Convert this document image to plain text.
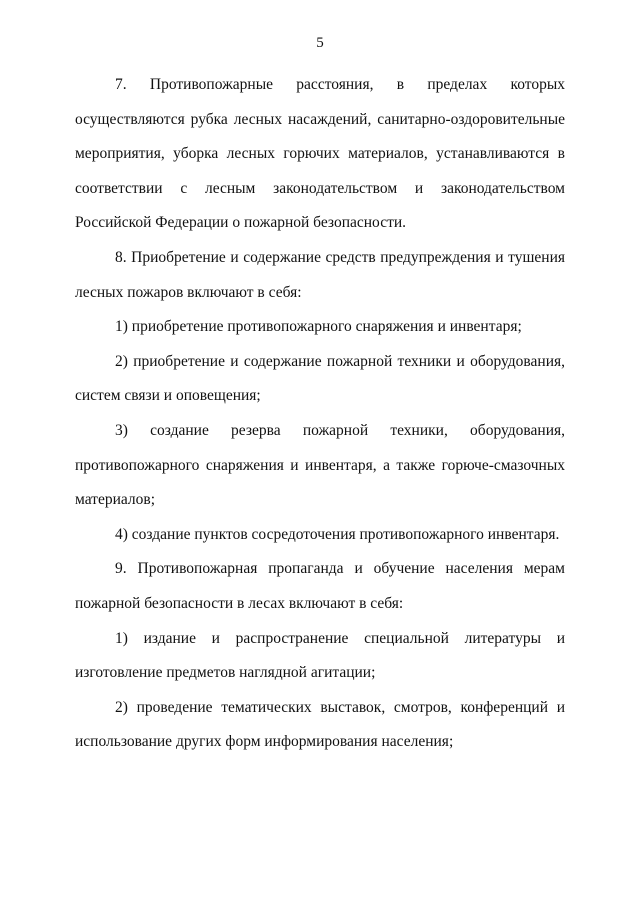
5

7. Противопожарные расстояния, в пределах которых
осуществляются рубка лесных насаждений, санитарно-оздоровительные
мероприятия, уборка лесных горючих материалов, устанавливаются в
соответствии с лесным законодательством и законодательством
Российской Федерации о пожарной безопасности.

8. Приобретение и содержание средств предупреждения и тушения
лесных пожаров включают в себя:

1) приобретение противопожарного снаряжения и инвентаря;

2) приобретение и содержание пожарной техники и оборудования,
систем связи и оповещения;

3) создание резерва пожарной техники, оборудования,
противопожарного снаряжения и инвентаря, а также горюче-смазочных
материалов;

4) создание пунктов сосредоточения противопожарного инвентаря.

9. Противопожарная пропаганда и обучение населения мерам
пожарной безопасности в лесах включают в себя:

1) издание и распространение специальной литературы и
изготовление предметов наглядной агитации;

2) проведение тематических выставок, смотров, конференций и
использование других форм информирования населения;
